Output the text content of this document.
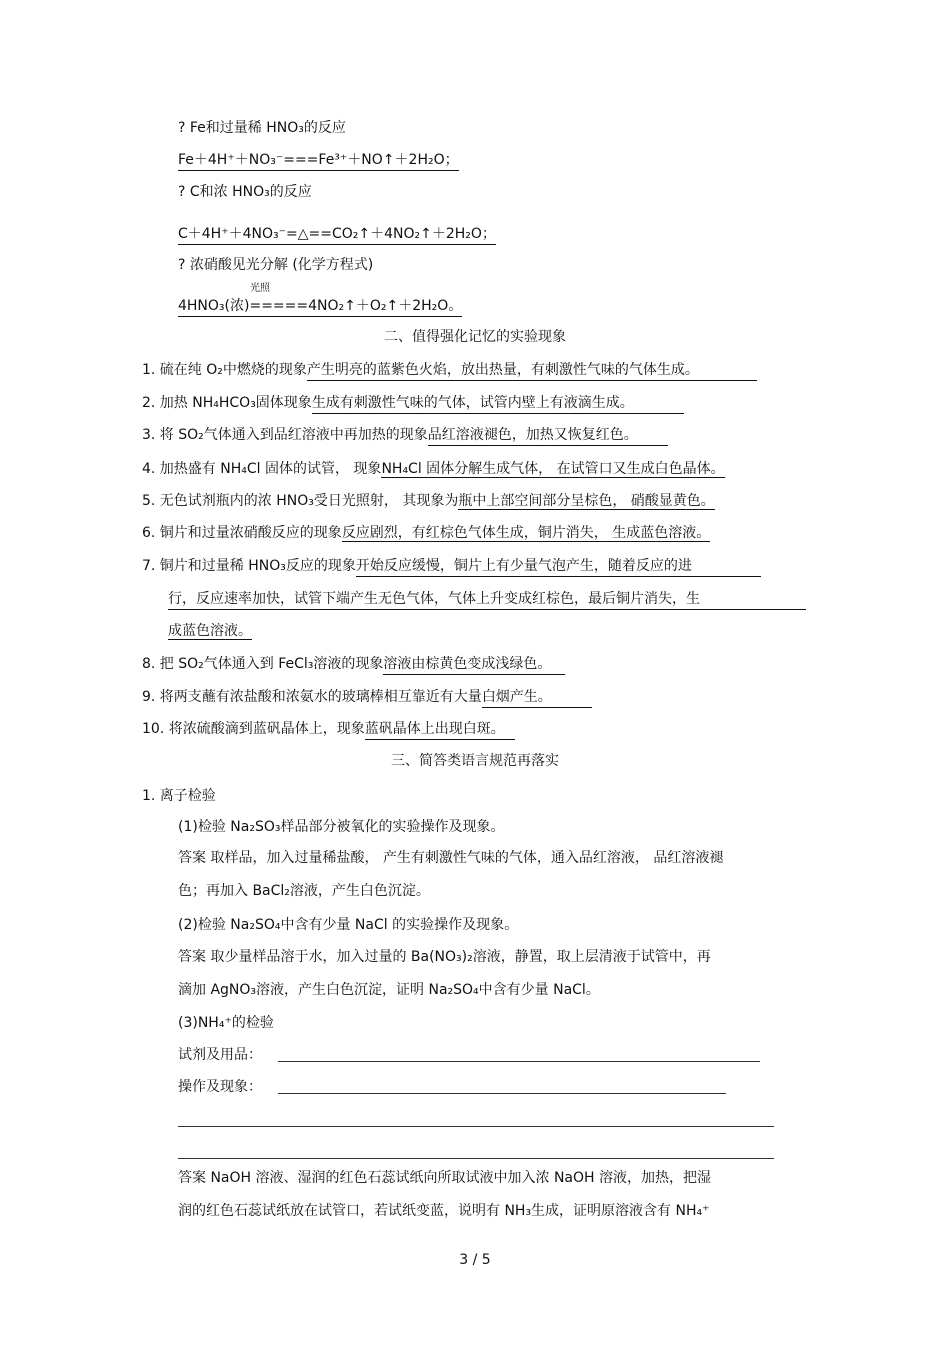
? Fe和过量稀 HNO₃的反应
Fe＋4H⁺＋NO₃⁻===Fe³⁺＋NO↑＋2H₂O；
? C和浓 HNO₃的反应
C＋4H⁺＋4NO₃⁻=△==CO₂↑＋4NO₂↑＋2H₂O；
? 浓硝酸见光分解 (化学方程式)
光照
4HNO₃(浓)=====4NO₂↑＋O₂↑＋2H₂O。
二、值得强化记忆的实验现象
1. 硫在纯 O₂中燃烧的现象产生明亮的蓝紫色火焰，放出热量，有刺激性气味的气体生成。
2. 加热 NH₄HCO₃固体现象生成有刺激性气味的气体，试管内壁上有液滴生成。
3. 将 SO₂气体通入到品红溶液中再加热的现象品红溶液褪色，加热又恢复红色。
4. 加热盛有 NH₄Cl 固体的试管， 现象NH₄Cl 固体分解生成气体， 在试管口又生成白色晶体。
5. 无色试剂瓶内的浓 HNO₃受日光照射， 其现象为瓶中上部空间部分呈棕色， 硝酸显黄色。
6. 铜片和过量浓硝酸反应的现象反应剧烈，有红棕色气体生成，铜片消失， 生成蓝色溶液。
7. 铜片和过量稀 HNO₃反应的现象开始反应缓慢，铜片上有少量气泡产生，随着反应的进
行，反应速率加快，试管下端产生无色气体，气体上升变成红棕色，最后铜片消失，生
成蓝色溶液。
8. 把 SO₂气体通入到 FeCl₃溶液的现象溶液由棕黄色变成浅绿色。
9. 将两支蘸有浓盐酸和浓氨水的玻璃棒相互靠近有大量白烟产生。
10. 将浓硫酸滴到蓝矾晶体上，现象蓝矾晶体上出现白斑。
三、简答类语言规范再落实
1. 离子检验
(1)检验 Na₂SO₃样品部分被氧化的实验操作及现象。
答案 取样品，加入过量稀盐酸， 产生有刺激性气味的气体，通入品红溶液， 品红溶液褪
色；再加入 BaCl₂溶液，产生白色沉淀。
(2)检验 Na₂SO₄中含有少量 NaCl 的实验操作及现象。
答案 取少量样品溶于水，加入过量的 Ba(NO₃)₂溶液，静置，取上层清液于试管中，再
滴加 AgNO₃溶液，产生白色沉淀，证明 Na₂SO₄中含有少量 NaCl。
(3)NH₄⁺的检验
试剂及用品：
操作及现象：
答案 NaOH 溶液、湿润的红色石蕊试纸向所取试液中加入浓 NaOH 溶液，加热，把湿
润的红色石蕊试纸放在试管口，若试纸变蓝，说明有 NH₃生成，证明原溶液含有 NH₄⁺
3 / 5
